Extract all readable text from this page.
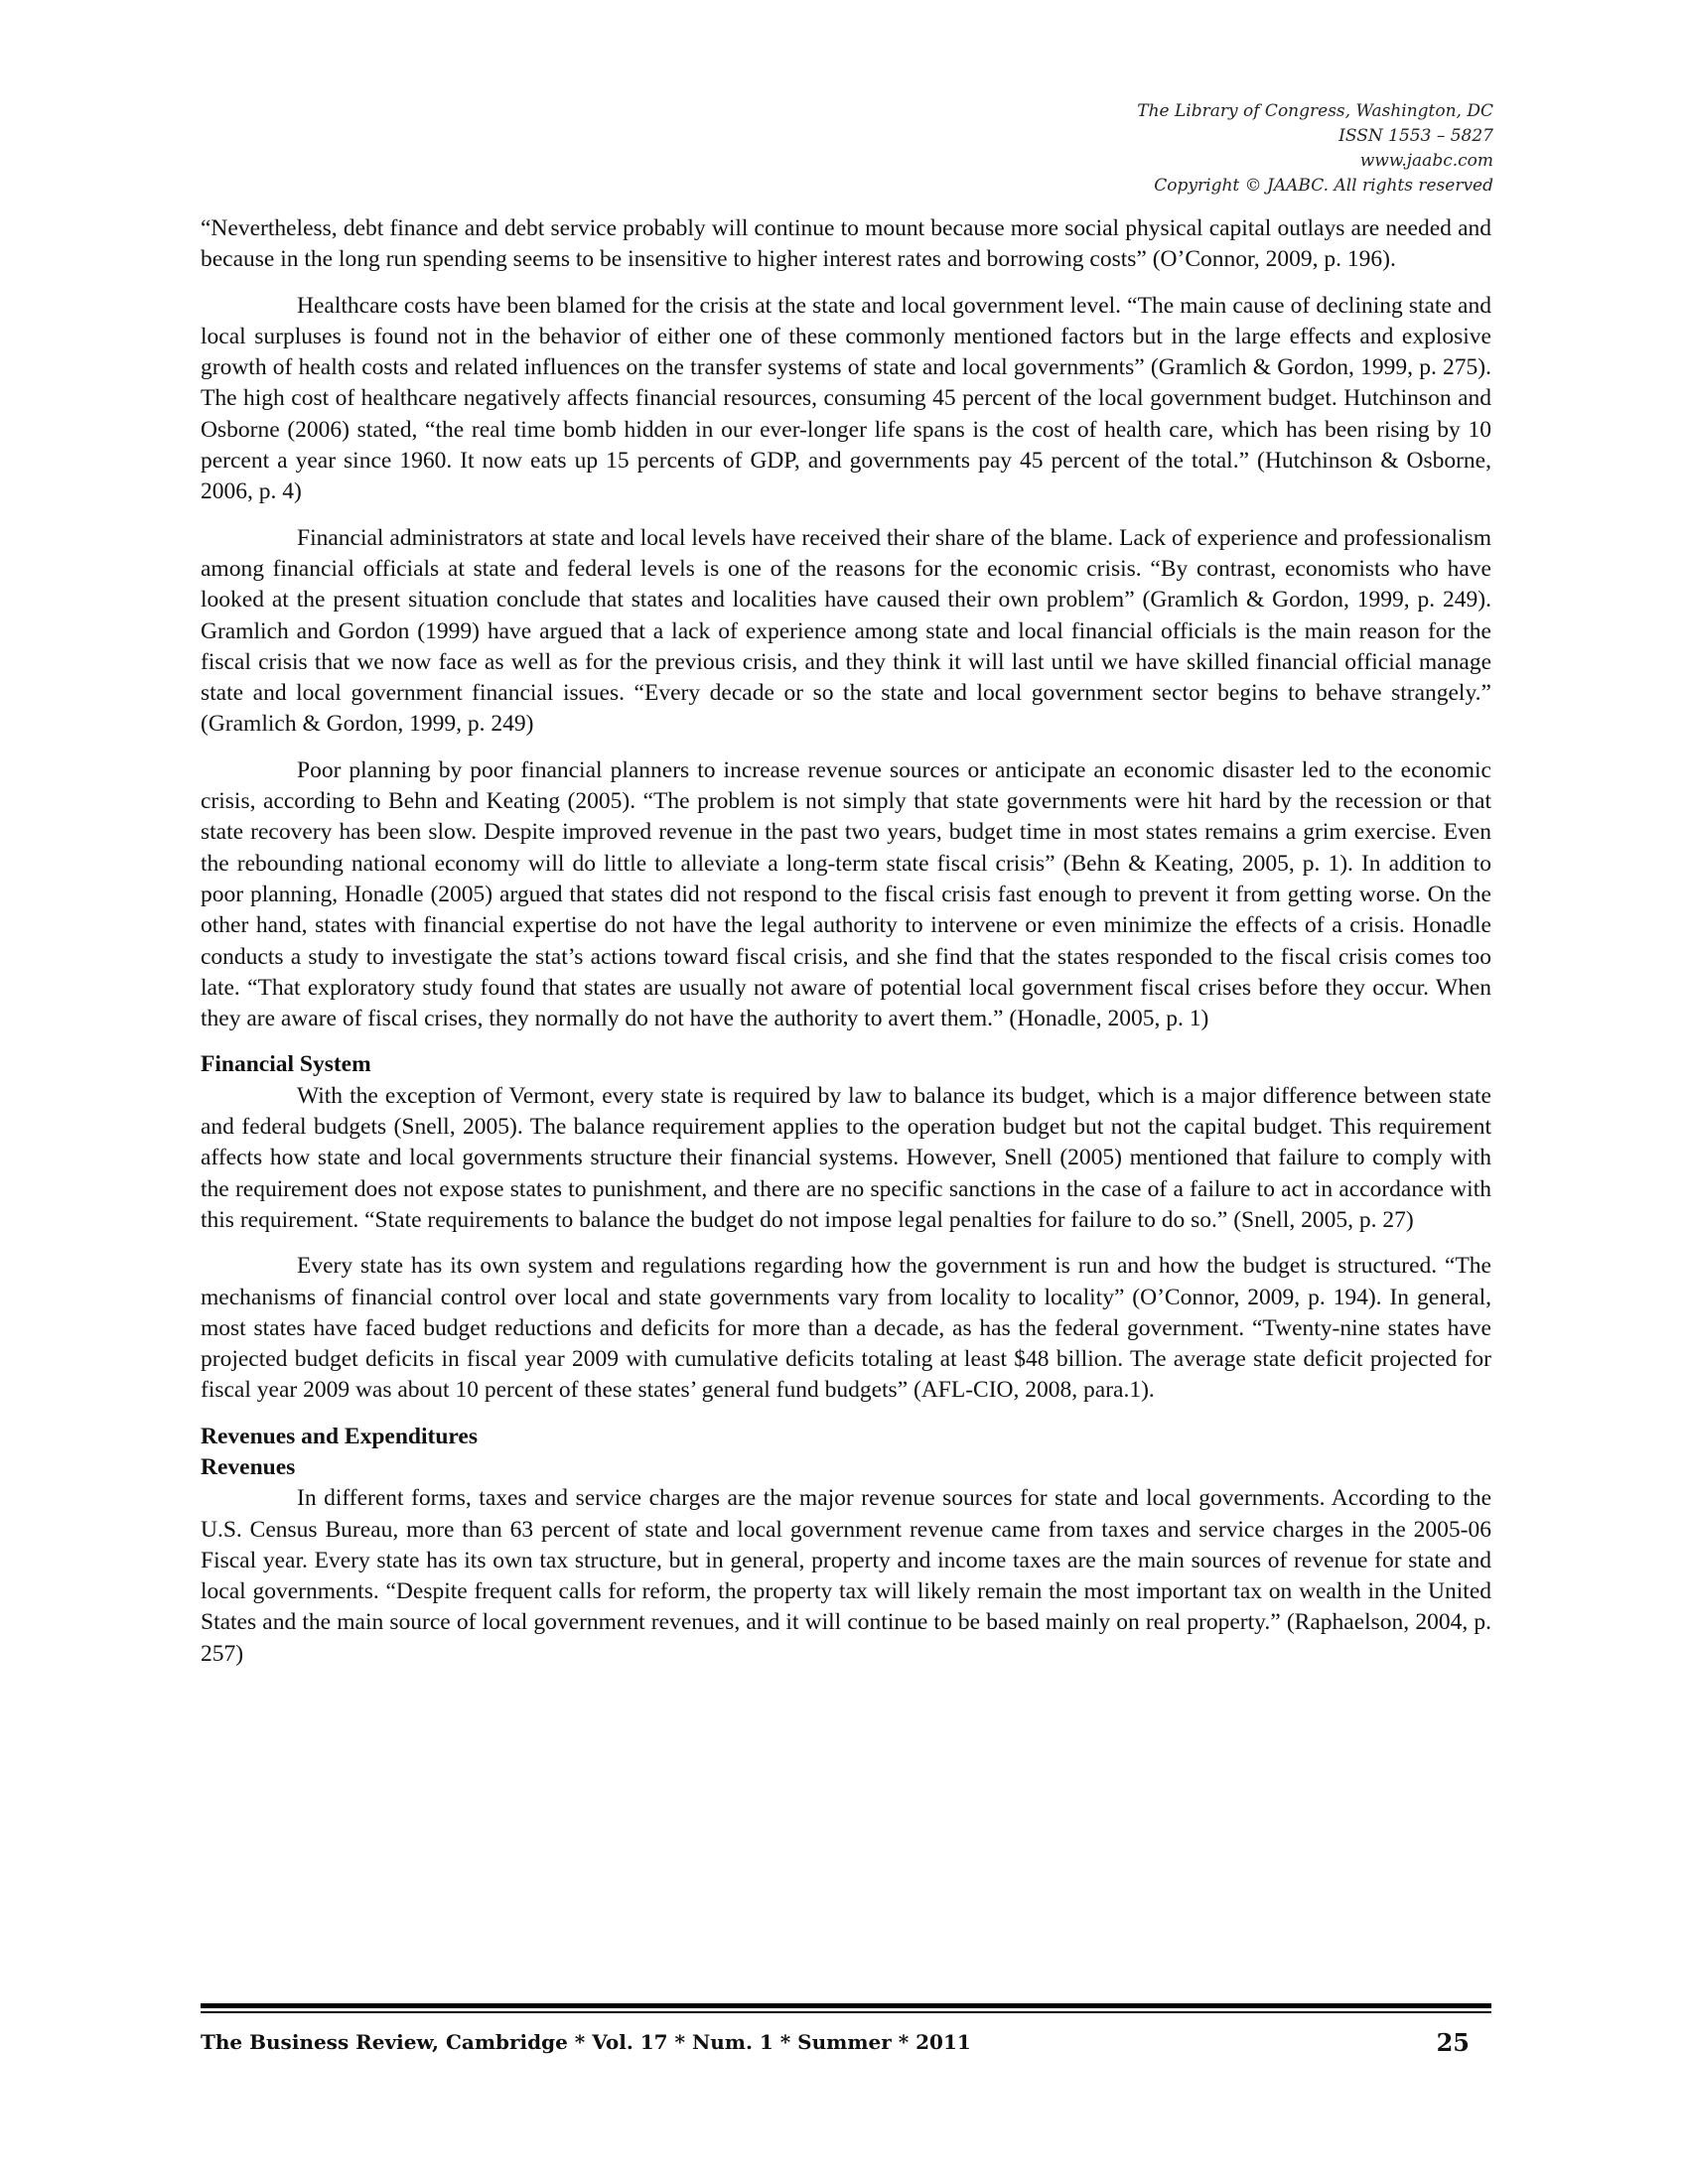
The Library of Congress, Washington, DC
ISSN 1553 – 5827
www.jaabc.com
Copyright © JAABC. All rights reserved

“Nevertheless, debt finance and debt service probably will continue to mount because more social physical capital outlays are needed and because in the long run spending seems to be insensitive to higher interest rates and borrowing costs” (O’Connor, 2009, p. 196).

Healthcare costs have been blamed for the crisis at the state and local government level. “The main cause of declining state and local surpluses is found not in the behavior of either one of these commonly mentioned factors but in the large effects and explosive growth of health costs and related influences on the transfer systems of state and local governments” (Gramlich & Gordon, 1999, p. 275). The high cost of healthcare negatively affects financial resources, consuming 45 percent of the local government budget. Hutchinson and Osborne (2006) stated, “the real time bomb hidden in our ever-longer life spans is the cost of health care, which has been rising by 10 percent a year since 1960. It now eats up 15 percents of GDP, and governments pay 45 percent of the total.” (Hutchinson & Osborne, 2006, p. 4)

Financial administrators at state and local levels have received their share of the blame. Lack of experience and professionalism among financial officials at state and federal levels is one of the reasons for the economic crisis. “By contrast, economists who have looked at the present situation conclude that states and localities have caused their own problem” (Gramlich & Gordon, 1999, p. 249). Gramlich and Gordon (1999) have argued that a lack of experience among state and local financial officials is the main reason for the fiscal crisis that we now face as well as for the previous crisis, and they think it will last until we have skilled financial official manage state and local government financial issues. “Every decade or so the state and local government sector begins to behave strangely.” (Gramlich & Gordon, 1999, p. 249)

Poor planning by poor financial planners to increase revenue sources or anticipate an economic disaster led to the economic crisis, according to Behn and Keating (2005). “The problem is not simply that state governments were hit hard by the recession or that state recovery has been slow. Despite improved revenue in the past two years, budget time in most states remains a grim exercise. Even the rebounding national economy will do little to alleviate a long-term state fiscal crisis” (Behn & Keating, 2005, p. 1). In addition to poor planning, Honadle (2005) argued that states did not respond to the fiscal crisis fast enough to prevent it from getting worse. On the other hand, states with financial expertise do not have the legal authority to intervene or even minimize the effects of a crisis. Honadle conducts a study to investigate the stat’s actions toward fiscal crisis, and she find that the states responded to the fiscal crisis comes too late. “That exploratory study found that states are usually not aware of potential local government fiscal crises before they occur. When they are aware of fiscal crises, they normally do not have the authority to avert them.” (Honadle, 2005, p. 1)

Financial System

With the exception of Vermont, every state is required by law to balance its budget, which is a major difference between state and federal budgets (Snell, 2005). The balance requirement applies to the operation budget but not the capital budget. This requirement affects how state and local governments structure their financial systems. However, Snell (2005) mentioned that failure to comply with the requirement does not expose states to punishment, and there are no specific sanctions in the case of a failure to act in accordance with this requirement. “State requirements to balance the budget do not impose legal penalties for failure to do so.” (Snell, 2005, p. 27)

Every state has its own system and regulations regarding how the government is run and how the budget is structured. “The mechanisms of financial control over local and state governments vary from locality to locality” (O’Connor, 2009, p. 194). In general, most states have faced budget reductions and deficits for more than a decade, as has the federal government. “Twenty-nine states have projected budget deficits in fiscal year 2009 with cumulative deficits totaling at least $48 billion. The average state deficit projected for fiscal year 2009 was about 10 percent of these states’ general fund budgets” (AFL-CIO, 2008, para.1).

Revenues and Expenditures
Revenues

In different forms, taxes and service charges are the major revenue sources for state and local governments. According to the U.S. Census Bureau, more than 63 percent of state and local government revenue came from taxes and service charges in the 2005-06 Fiscal year. Every state has its own tax structure, but in general, property and income taxes are the main sources of revenue for state and local governments. “Despite frequent calls for reform, the property tax will likely remain the most important tax on wealth in the United States and the main source of local government revenues, and it will continue to be based mainly on real property.” (Raphaelson, 2004, p. 257)

The Business Review, Cambridge * Vol. 17 * Num. 1 * Summer * 2011	25
